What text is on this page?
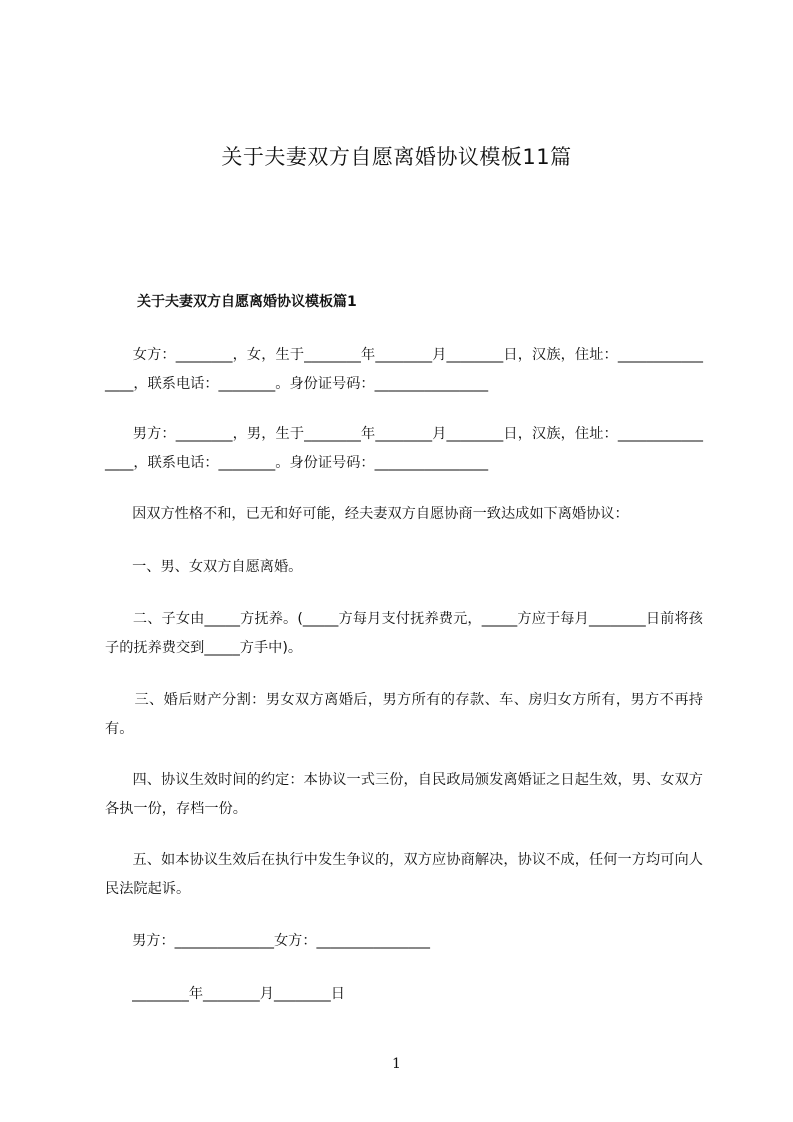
关于夫妻双方自愿离婚协议模板11篇
关于夫妻双方自愿离婚协议模板篇1
女方：________，女，生于________年________月________日，汉族，住址：________________，联系电话：________。身份证号码：________________
男方：________，男，生于________年________月________日，汉族，住址：________________，联系电话：________。身份证号码：________________
因双方性格不和，已无和好可能，经夫妻双方自愿协商一致达成如下离婚协议：
一、男、女双方自愿离婚。
二、子女由_____方抚养。(_____方每月支付抚养费元，_____方应于每月________日前将孩子的抚养费交到_____方手中)。
三、婚后财产分割：男女双方离婚后，男方所有的存款、车、房归女方所有，男方不再持有。
四、协议生效时间的约定：本协议一式三份，自民政局颁发离婚证之日起生效，男、女双方各执一份，存档一份。
五、如本协议生效后在执行中发生争议的，双方应协商解决，协议不成，任何一方均可向人民法院起诉。
男方：______________女方：________________
________年________月________日
1
